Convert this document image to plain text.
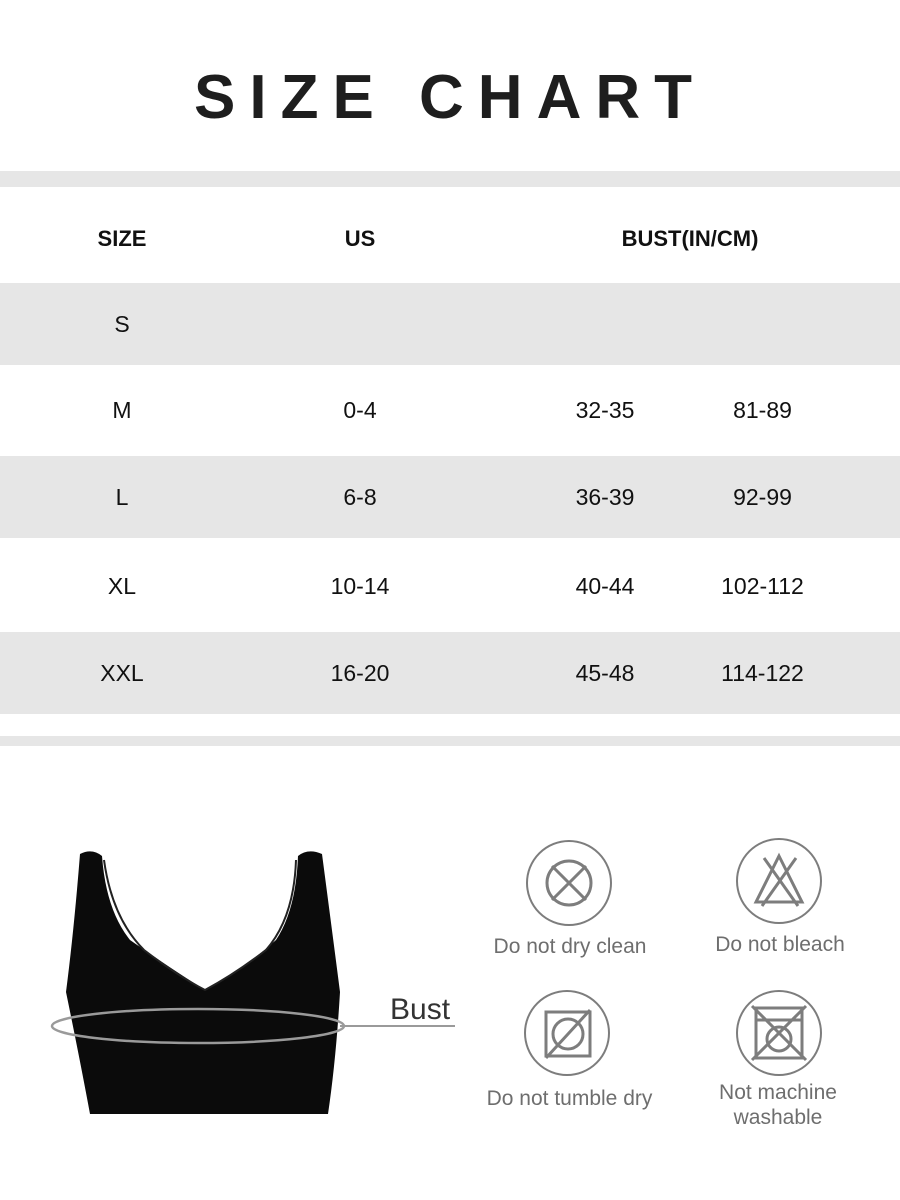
SIZE CHART
SIZE	US	BUST(IN/CM)
S
M	0-4	32-35	81-89
L	6-8	36-39	92-99
XL	10-14	40-44	102-112
XXL	16-20	45-48	114-122
Bust
Do not dry clean	Do not bleach
Do not tumble dry	Not machine
washable
